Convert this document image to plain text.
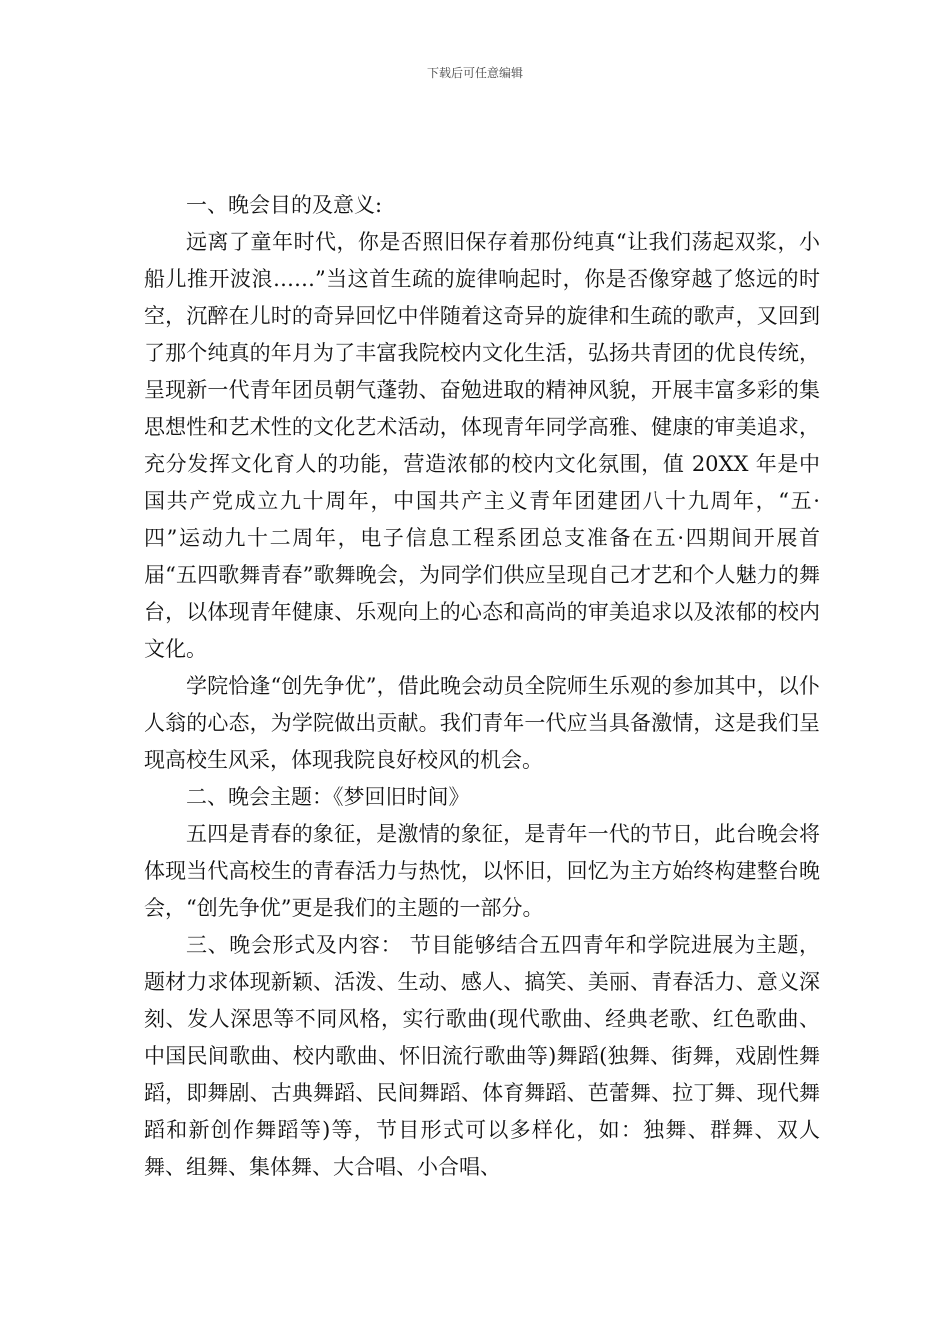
下载后可任意编辑

一、晚会目的及意义:

远离了童年时代，你是否照旧保存着那份纯真“让我们荡起双浆，小船儿推开波浪……”当这首生疏的旋律响起时，你是否像穿越了悠远的时空，沉醉在儿时的奇异回忆中伴随着这奇异的旋律和生疏的歌声，又回到了那个纯真的年月为了丰富我院校内文化生活，弘扬共青团的优良传统，呈现新一代青年团员朝气蓬勃、奋勉进取的精神风貌，开展丰富多彩的集思想性和艺术性的文化艺术活动，体现青年同学高雅、健康的审美追求，充分发挥文化育人的功能，营造浓郁的校内文化氛围，值 20XX 年是中国共产党成立九十周年，中国共产主义青年团建团八十九周年，“五·四”运动九十二周年，电子信息工程系团总支准备在五·四期间开展首届“五四歌舞青春”歌舞晚会，为同学们供应呈现自己才艺和个人魅力的舞台，以体现青年健康、乐观向上的心态和高尚的审美追求以及浓郁的校内文化。

学院恰逢“创先争优”，借此晚会动员全院师生乐观的参加其中，以仆人翁的心态，为学院做出贡献。我们青年一代应当具备激情，这是我们呈现高校生风采，体现我院良好校风的机会。

二、晚会主题：《梦回旧时间》

五四是青春的象征，是激情的象征，是青年一代的节日，此台晚会将体现当代高校生的青春活力与热忱，以怀旧，回忆为主方始终构建整台晚会，“创先争优”更是我们的主题的一部分。

三、晚会形式及内容： 节目能够结合五四青年和学院进展为主题，题材力求体现新颖、活泼、生动、感人、搞笑、美丽、青春活力、意义深刻、发人深思等不同风格，实行歌曲(现代歌曲、经典老歌、红色歌曲、中国民间歌曲、校内歌曲、怀旧流行歌曲等)舞蹈(独舞、街舞，戏剧性舞蹈，即舞剧、古典舞蹈、民间舞蹈、体育舞蹈、芭蕾舞、拉丁舞、现代舞蹈和新创作舞蹈等)等，节目形式可以多样化，如：独舞、群舞、双人舞、组舞、集体舞、大合唱、小合唱、
